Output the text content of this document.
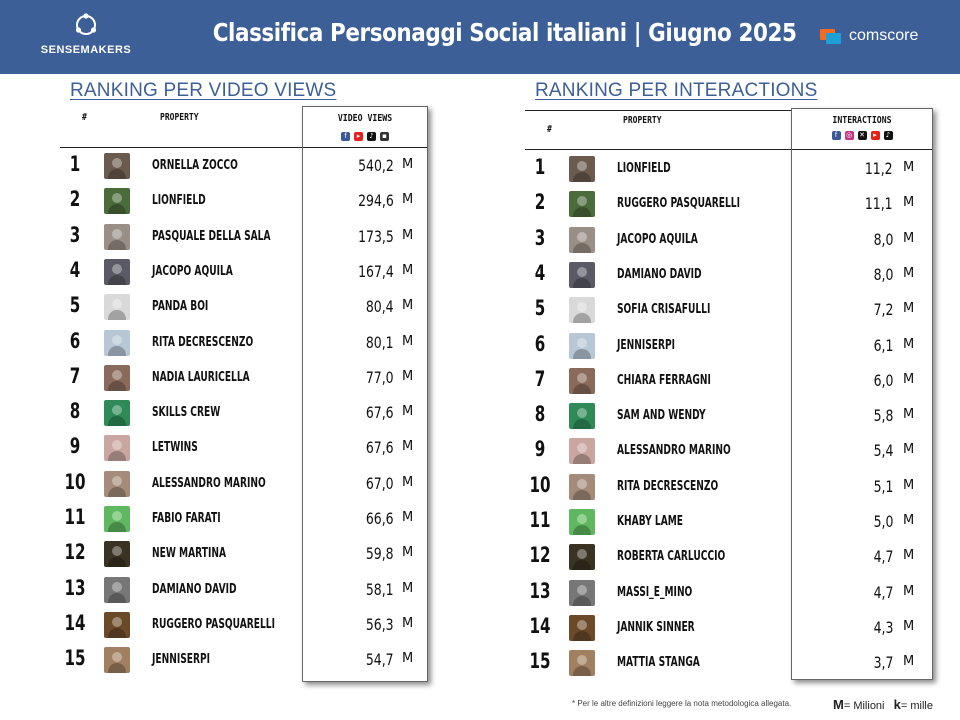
SENSEMAKERS
Classifica Personaggi Social italiani | Giugno 2025	comscore
RANKING PER VIDEO VIEWS	RANKING PER INTERACTIONS
VIDEO VIEWS
f	▸	♪	▪
#	PROPERTY
1	ORNELLA ZOCCO	540,2 M
2	LIONFIELD	294,6 M
3	PASQUALE DELLA SALA	173,5 M
4	JACOPO AQUILA	167,4 M
5	PANDA BOI	80,4 M
6	RITA DECRESCENZO	80,1 M
7	NADIA LAURICELLA	77,0 M
8	SKILLS CREW	67,6 M
9	LETWINS	67,6 M
10	ALESSANDRO MARINO	67,0 M
11	FABIO FARATI	66,6 M
12	NEW MARTINA	59,8 M
13	DAMIANO DAVID	58,1 M
14	RUGGERO PASQUARELLI	56,3 M
15	JENNISERPI	54,7 M
INTERACTIONS
f	◎ ✕	▸	♪
#
PROPERTY
1	LIONFIELD	11,2 M
2	RUGGERO PASQUARELLI	11,1 M
3	JACOPO AQUILA	8,0 M
4	DAMIANO DAVID	8,0 M
5	SOFIA CRISAFULLI	7,2 M
6	JENNISERPI	6,1 M
7	CHIARA FERRAGNI	6,0 M
8	SAM AND WENDY	5,8 M
9	ALESSANDRO MARINO	5,4 M
10	RITA DECRESCENZO	5,1 M
11	KHABY LAME	5,0 M
12	ROBERTA CARLUCCIO	4,7 M
13	MASSI_E_MINO	4,7 M
14	JANNIK SINNER	4,3 M
15	MATTIA STANGA	3,7 M
* Per le altre definizioni leggere la nota metodologica allegata.	M= Milioni k= mille
